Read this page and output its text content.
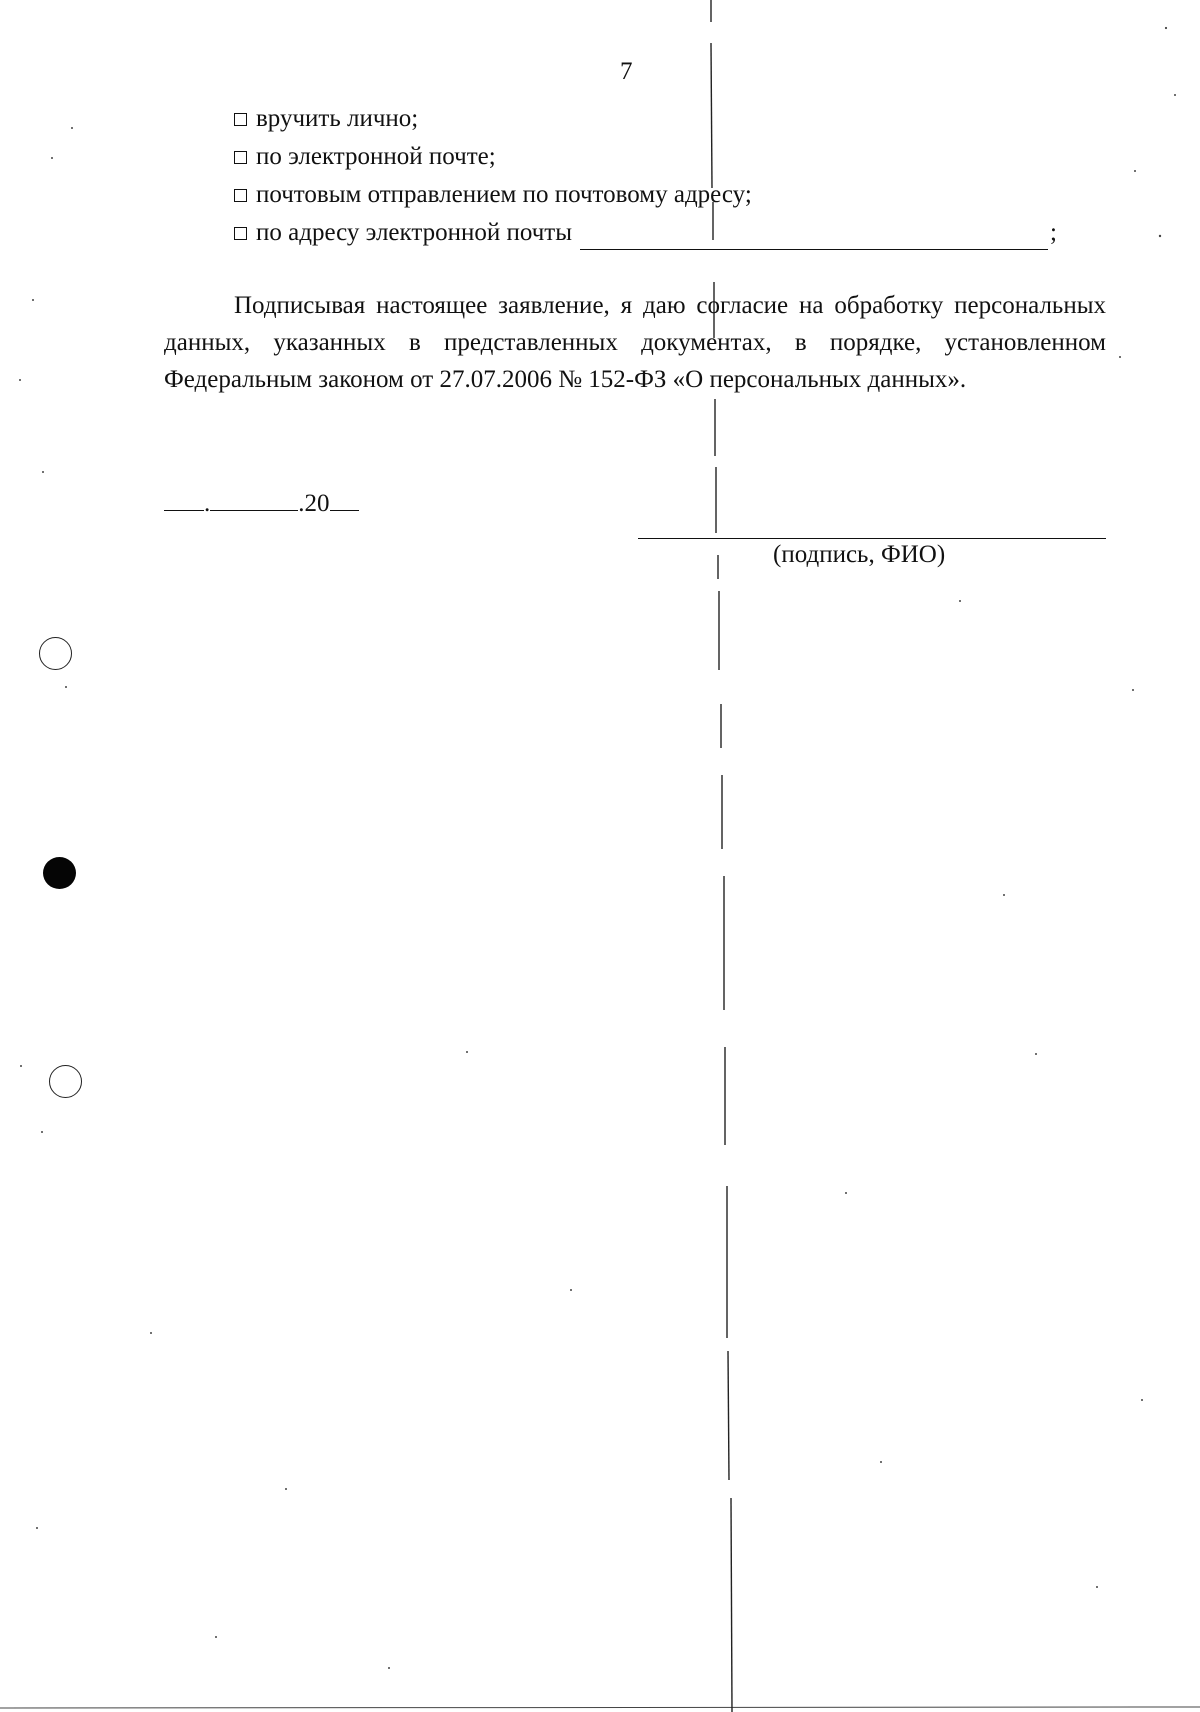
7
вручить лично;
по электронной почте;
почтовым отправлением по почтовому адресу;
по адресу электронной почты	;
Подписывая настоящее заявление, я даю согласие на обработку персональных данных, указанных в представленных документах, в порядке, установленном Федеральным законом от 27.07.2006 № 152-ФЗ «О персональных данных».
.	.20
(подпись, ФИО)
